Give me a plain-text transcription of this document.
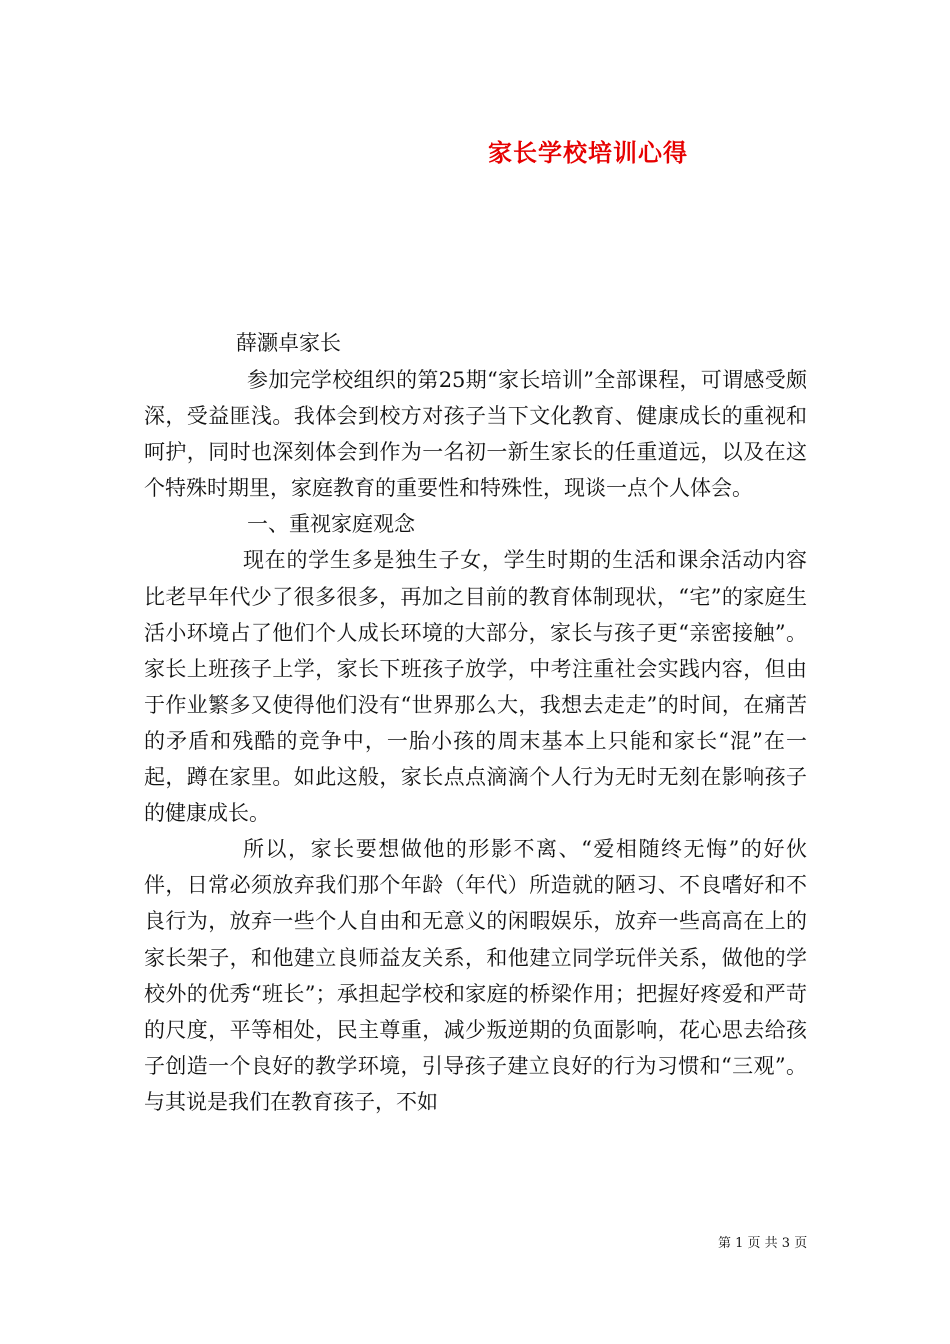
家长学校培训心得
薛灏卓家长

参加完学校组织的第25期“家长培训”全部课程，可谓感受颇深，受益匪浅。我体会到校方对孩子当下文化教育、健康成长的重视和呵护，同时也深刻体会到作为一名初一新生家长的任重道远，以及在这个特殊时期里，家庭教育的重要性和特殊性，现谈一点个人体会。

一、重视家庭观念

现在的学生多是独生子女，学生时期的生活和课余活动内容比老早年代少了很多很多，再加之目前的教育体制现状，“宅”的家庭生活小环境占了他们个人成长环境的大部分，家长与孩子更“亲密接触”。家长上班孩子上学，家长下班孩子放学，中考注重社会实践内容，但由于作业繁多又使得他们没有“世界那么大，我想去走走”的时间，在痛苦的矛盾和残酷的竞争中，一胎小孩的周末基本上只能和家长“混”在一起，蹲在家里。如此这般，家长点点滴滴个人行为无时无刻在影响孩子的健康成长。

所以，家长要想做他的形影不离、“爱相随终无悔”的好伙伴，日常必须放弃我们那个年龄（年代）所造就的陋习、不良嗜好和不良行为，放弃一些个人自由和无意义的闲暇娱乐，放弃一些高高在上的家长架子，和他建立良师益友关系，和他建立同学玩伴关系，做他的学校外的优秀“班长”；承担起学校和家庭的桥梁作用；把握好疼爱和严苛的尺度，平等相处，民主尊重，减少叛逆期的负面影响，花心思去给孩子创造一个良好的教学环境，引导孩子建立良好的行为习惯和“三观”。与其说是我们在教育孩子，不如

第 1 页 共 3 页
